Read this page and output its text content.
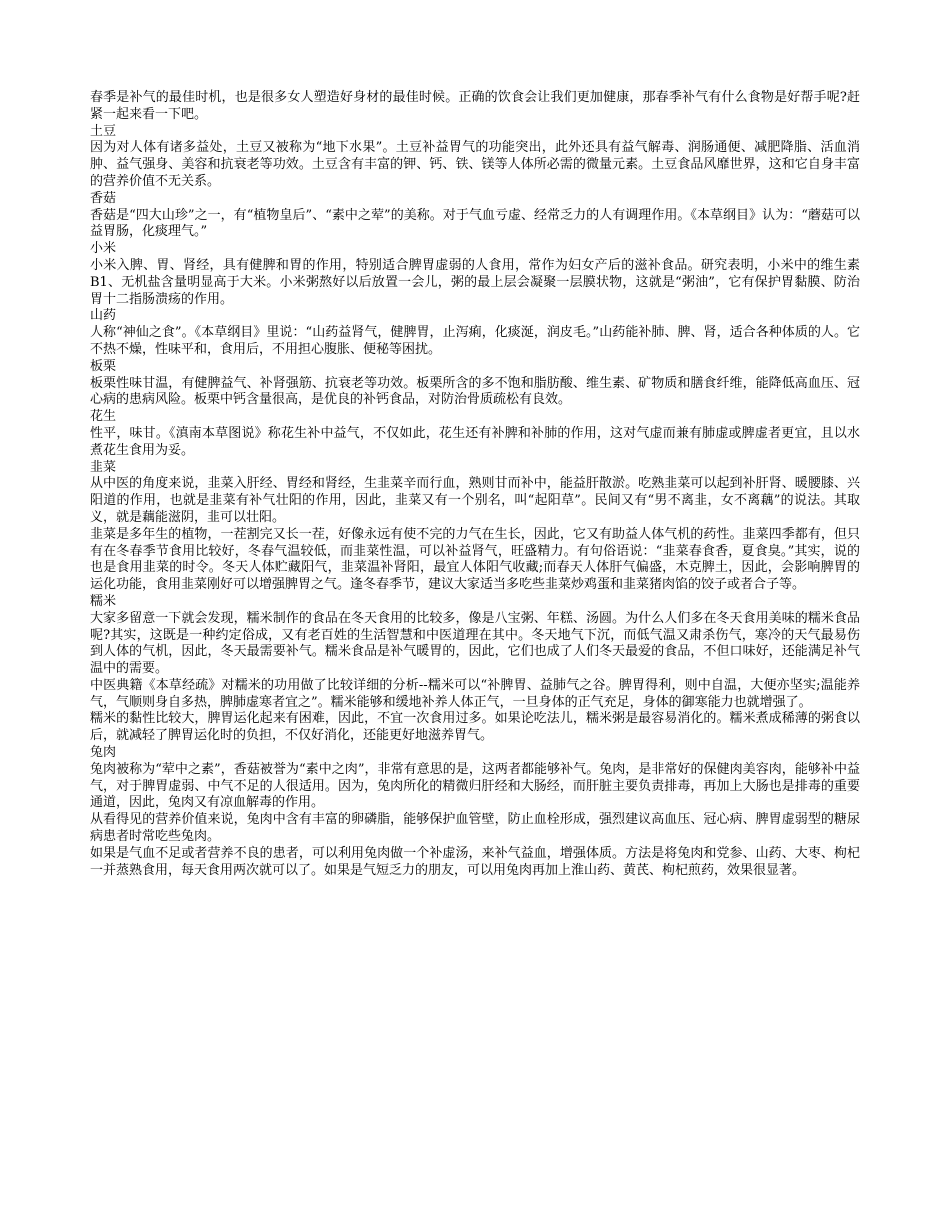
春季是补气的最佳时机，也是很多女人塑造好身材的最佳时候。正确的饮食会让我们更加健康，那春季补气有什么食物是好帮手呢?赶紧一起来看一下吧。

土豆

因为对人体有诸多益处，土豆又被称为“地下水果”。土豆补益胃气的功能突出，此外还具有益气解毒、润肠通便、减肥降脂、活血消肿、益气强身、美容和抗衰老等功效。土豆含有丰富的钾、钙、铁、镁等人体所必需的微量元素。土豆食品风靡世界，这和它自身丰富的营养价值不无关系。

香菇

香菇是“四大山珍”之一，有“植物皇后”、“素中之荤”的美称。对于气血亏虚、经常乏力的人有调理作用。《本草纲目》认为：“蘑菇可以益胃肠，化痰理气。”

小米

小米入脾、胃、肾经，具有健脾和胃的作用，特别适合脾胃虚弱的人食用，常作为妇女产后的滋补食品。研究表明，小米中的维生素 B1、无机盐含量明显高于大米。小米粥熬好以后放置一会儿，粥的最上层会凝聚一层膜状物，这就是“粥油”，它有保护胃黏膜、防治胃十二指肠溃疡的作用。

山药

人称“神仙之食”。《本草纲目》里说：“山药益肾气，健脾胃，止泻痢，化痰涎，润皮毛。”山药能补肺、脾、肾，适合各种体质的人。它不热不燥，性味平和，食用后，不用担心腹胀、便秘等困扰。

板栗

板栗性味甘温，有健脾益气、补肾强筋、抗衰老等功效。板栗所含的多不饱和脂肪酸、维生素、矿物质和膳食纤维，能降低高血压、冠心病的患病风险。板栗中钙含量很高，是优良的补钙食品，对防治骨质疏松有良效。

花生

性平，味甘。《滇南本草图说》称花生补中益气，不仅如此，花生还有补脾和补肺的作用，这对气虚而兼有肺虚或脾虚者更宜，且以水煮花生食用为妥。

韭菜

从中医的角度来说，韭菜入肝经、胃经和肾经，生韭菜辛而行血，熟则甘而补中，能益肝散淤。吃熟韭菜可以起到补肝肾、暖腰膝、兴阳道的作用，也就是韭菜有补气壮阳的作用，因此，韭菜又有一个别名，叫“起阳草”。民间又有“男不离韭，女不离藕”的说法。其取义，就是藕能滋阴，韭可以壮阳。

韭菜是多年生的植物，一茬割完又长一茬，好像永远有使不完的力气在生长，因此，它又有助益人体气机的药性。韭菜四季都有，但只有在冬春季节食用比较好，冬春气温较低，而韭菜性温，可以补益肾气，旺盛精力。有句俗语说：“韭菜春食香，夏食臭。”其实，说的也是食用韭菜的时令。冬天人体贮藏阳气，韭菜温补肾阳，最宜人体阳气收藏;而春天人体肝气偏盛，木克脾土，因此，会影响脾胃的运化功能，食用韭菜刚好可以增强脾胃之气。逢冬春季节，建议大家适当多吃些韭菜炒鸡蛋和韭菜猪肉馅的饺子或者合子等。

糯米

大家多留意一下就会发现，糯米制作的食品在冬天食用的比较多，像是八宝粥、年糕、汤圆。为什么人们多在冬天食用美味的糯米食品呢?其实，这既是一种约定俗成，又有老百姓的生活智慧和中医道理在其中。冬天地气下沉，而低气温又肃杀伤气，寒冷的天气最易伤到人体的气机，因此，冬天最需要补气。糯米食品是补气暖胃的，因此，它们也成了人们冬天最爱的食品，不但口味好，还能满足补气温中的需要。

中医典籍《本草经疏》对糯米的功用做了比较详细的分析--糯米可以“补脾胃、益肺气之谷。脾胃得利，则中自温，大便亦坚实;温能养气，气顺则身自多热，脾肺虚寒者宜之”。糯米能够和缓地补养人体正气，一旦身体的正气充足，身体的御寒能力也就增强了。

糯米的黏性比较大，脾胃运化起来有困难，因此，不宜一次食用过多。如果论吃法儿，糯米粥是最容易消化的。糯米煮成稀薄的粥食以后，就减轻了脾胃运化时的负担，不仅好消化，还能更好地滋养胃气。

兔肉

兔肉被称为“荤中之素”，香菇被誉为“素中之肉”，非常有意思的是，这两者都能够补气。兔肉，是非常好的保健肉美容肉，能够补中益气，对于脾胃虚弱、中气不足的人很适用。因为，兔肉所化的精微归肝经和大肠经，而肝脏主要负责排毒，再加上大肠也是排毒的重要通道，因此，兔肉又有凉血解毒的作用。

从看得见的营养价值来说，兔肉中含有丰富的卵磷脂，能够保护血管壁，防止血栓形成，强烈建议高血压、冠心病、脾胃虚弱型的糖尿病患者时常吃些兔肉。

如果是气血不足或者营养不良的患者，可以利用兔肉做一个补虚汤，来补气益血，增强体质。方法是将兔肉和党参、山药、大枣、枸杞一并蒸熟食用，每天食用两次就可以了。如果是气短乏力的朋友，可以用兔肉再加上淮山药、黄芪、枸杞煎药，效果很显著。
